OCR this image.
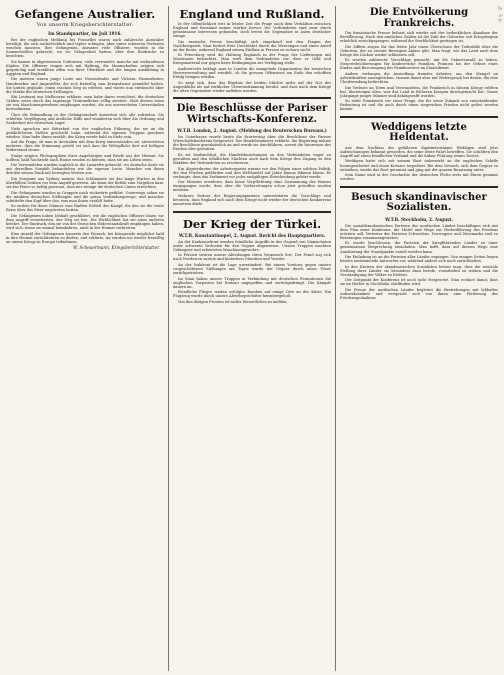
№ 3 p.
Gefangene Australier.
Von unserm Kriegsberichterstatter.
Im Standquartier, im Juli 1916.

Bei der englischen Meldung bei Fromelles waren auch zahlreiche Australier beteiligt, die sich nachdrücklich und tapfer schlugen, aber unter schweren Verlusten weichen mussten. Ihre Gefangenen, darunter viele Offiziere, wurden in die Sammelstellen gebracht, wo sie Gelegenheit hatten, über ihre Eindrücke zu berichten.

Sie kamen in abgerissenen Uniformen, viele verwundet, manche mit verbundenen Köpfen. Die Offiziere trugen sich mit Haltung, die Mannschaften zeigten sich gesprächig und erzählten offen von ihrer Überfahrt und der langen Ausbildung in Ägypten und England.

Die meisten waren junge Leute aus Neusüdwales und Victoria, Farmarbeiter, Handwerker und Angestellte, die sich freiwillig zum Kriegsdienst gemeldet hatten. Sie hatten geglaubt, einen raschen Sieg zu erleben, und waren nun enttäuscht über die Stärke der deutschen Stellungen.

Ein Leutnant aus Melbourne erklärte, man habe ihnen versichert, die deutschen Gräben seien durch das tagelange Trommelfeuer völlig zerstört. Statt dessen seien sie von Maschinengewehren empfangen worden, die aus unversehrten Unterständen hervorkamen.

Über die Behandlung in der Gefangenschaft äusserten sich alle zufrieden. Sie erhielten Verpflegung und ärztliche Hilfe und wunderten sich über die Ordnung und Sauberkeit der deutschen Lager.

Viele sprachen mit Bitterkeit von der englischen Führung, die sie an die gefährlichsten Stellen geschickt habe, während die eigenen Truppen geschont würden. Man habe ihnen erzählt, der Krieg werde bald zu Ende sein.

Auf die Frage, ob man in Australien mit dem Krieg einverstanden sei, antworteten mehrere, dass die Stimmung geteilt sei und dass die Wehrpflicht dort auf heftigen Widerstand stosse.

Einige zeigten Photographien ihrer Angehörigen und Briefe aus der Heimat. Sie hofften, bald Nachricht nach Hause senden zu können, dass sie am Leben seien.

Die Verwundeten wurden sogleich in die Lazarette gebracht, wo deutsche Ärzte sie mit derselben Sorgfalt behandelten wie die eigenen Leute. Mancher von ihnen drückte seinen Dank mit bewegten Worten aus.

Ein Sergeant aus Sydney meinte, das Schlimmste sei das lange Warten in den überfüllten Gräben vor dem Angriff gewesen. Als dann der Befehl zum Vorgehen kam, sei das Feuer so heftig gewesen, dass nur wenige die deutschen Linien erreichten.

Die Gefangenen wurden in Gruppen nach rückwärts geführt. Unterwegs sahen sie die intakten deutschen Stellungen und die guten Verbindungswege, und mancher schüttelte den Kopf über das, was man ihnen erzählt hatte.

So endete für diese Männer vom fünften Erdteil der Kampf, für den sie die weite Reise über das Meer angetreten hatten.

Die Gefangenen haben lebhaft geschildert, wie die englischen Offiziere ihnen vor dem Angriff versicherten, der Weg sei frei. Die Wirklichkeit hat sie eines anderen belehrt. Der Eindruck, den sie von der deutschen Widerstandskraft empfangen haben, wird sich, wenn sie einmal heimkehren, auch in der Heimat verbreiten.

Eine Anzahl der Gefangenen äusserte den Wunsch, bei Kriegsende möglichst bald in ihre Heimat zurückkehren zu dürfen, und erklärte, sie würden nie wieder freiwillig an einem Kriege in Europa teilnehmen.

W. Scheuermann, Kriegsberichterstatter.
England und Rußland.

In der Öffentlichkeit tritt in letzter Zeit die Frage nach dem Verhältnis zwischen England und Russland immer stärker hervor. Die Verbündeten sind zwar durch gemeinsame Interessen gebunden, doch treten die Gegensätze in Asien deutlicher zutage.

Die russische Presse beschäftigt sich eingehend mit den Fragen der Nachkriegszeit. Man fordert freie Durchfahrt durch die Meerengen und einen Anteil an der Beute, während England seinen Einfluss in Persien zu sichern sucht.

In Petersburg wird die Haltung Englands in der Frage der Lieferungen mit Misstrauen betrachtet. Man wirft dem Verbündeten vor, dass er Geld und Kriegsmaterial nur gegen harte Bedingungen zur Verfügung stelle.

Andererseits beklagt man in London die mangelnde Organisation der russischen Heeresverwaltung und zweifelt, ob die grossen Offensiven am Ende den erhofften Erfolg bringen werden.

So zeigt sich, dass das Bündnis der beiden Mächte mehr auf der Not des Augenblicks als auf wirklicher Übereinstimmung beruht, und dass nach dem Kriege die alten Gegensätze wieder aufleben werden.

Die Beschlüsse der Pariser Wirtschafts-Konferenz.
W.T.B. London, 2. August. (Meldung des Reuterschen Bureaus.)

Im Unterhause wurde heute die Erörterung über die Beschlüsse der Pariser Wirtschaftskonferenz fortgesetzt. Der Handelsminister erklärte, die Regierung nehme die Beschlüsse grundsätzlich an und werde sie durchführen, soweit die Interessen des Reiches dies gestatten.

Es sei beabsichtigt, die Handelsbeziehungen zu den Verbündeten enger zu gestalten und den feindlichen Mächten auch nach dem Kriege den Zugang zu den Märkten der Verbündeten zu erschweren.

Ein Abgeordneter der Arbeiterpartei warnte vor den Folgen einer solchen Politik, die den Frieden gefährden und den Welthandel auf Jahre hinaus lähmen könne. Er verlangte, dass das Parlament vor jeder endgültigen Entscheidung gehört werde.

Der Minister erwiderte, dass keine Verpflichtung ohne Zustimmung des Hauses eingegangen werde, dass aber die Vorbereitungen schon jetzt getroffen werden müssten.

Mehrere Redner der Regierungsparteien unterstützten die Vorschläge und betonten, dass England sich nach dem Kriege nicht wieder der deutschen Konkurrenz aussetzen dürfe.

Der Krieg der Türkei.
W.T.B. Konstantinopel, 2. August. Bericht des Hauptquartiers.

An der Kaukasusfront wurden feindliche Angriffe in der Gegend von Mamachatun unter schweren Verlusten für den Gegner abgewiesen. Unsere Truppen machten Gefangene und erbeuteten Maschinengewehre.

In Persien setzten unsere Abteilungen ihren Vormarsch fort. Der Feind zog sich nach Nordosten zurück und hinterliess Munition und Vorräte.

An der Irakfront ist die Lage unverändert. Bei einem Vorstoss gegen unsere vorgeschobenen Stellungen am Tigris wurde der Gegner durch unser Feuer zurückgetrieben.

Im Sinai haben unsere Truppen in Verbindung mit deutschen Formationen die englischen Vorposten bei Romani angegriffen und zurückgedrängt. Die Kämpfe dauern an.

Feindliche Flieger warfen erfolglos Bomben auf einige Orte an der Küste. Ein Flugzeug wurde durch unsere Abwehrgeschütze heruntergeholt.

Von den übrigen Fronten ist nichts Wesentliches zu melden.

Die Entvölkerung Frankreichs.

Die französische Presse befasst sich wieder mit der bedenklichen Abnahme der Bevölkerung. Nach den amtlichen Zahlen ist die Zahl der Geburten seit Kriegsbeginn erheblich zurückgegangen, während die Sterblichkeit gestiegen ist.

Die Ziffern zeigen für das letzte Jahr einen Überschuss der Todesfälle über die Geburten, der zu ernster Besorgnis Anlass gibt. Man fragt, wie das Land nach dem Kriege die Lücken wieder schliessen soll.

Es werden zahlreiche Vorschläge gemacht, um die Geburtenzahl zu heben: Steuererleichterungen für kinderreiche Familien, Prämien bei der Geburt eines Kindes und Bevorzugung der Familienväter im Staatsdienst.

Andere verlangen die Ansiedlung fremder Arbeiter, um den Mangel an Arbeitskräften auszugleichen, stossen damit aber auf Widerspruch bei denen, die eine Überfremdung befürchten.

Die Verluste an Toten und Verwundeten, die Frankreich in diesem Kriege erlitten hat, übersteigen alles, was das Land in früheren Kriegen durchgemacht hat. Ganze Jahrgänge junger Männer sind dahingerafft worden.

So steht Frankreich vor einer Frage, die für seine Zukunft von entscheidender Bedeutung ist und die auch durch einen siegreichen Frieden nicht gelöst werden könnte.

Weddigens letzte Heldentat.

Aus dem Nachlass des gefallenen Kapitänleutnants Weddigen sind jetzt Aufzeichnungen bekannt geworden, die seine letzte Fahrt betreffen. Sie schildern den Angriff auf einen feindlichen Verband und die kühne Führung seines Bootes.

Weddigen hatte sich mit seinem Boot unbemerkt an die englischen Schiffe herangearbeitet und einen Kreuzer torpediert. Bei dem Versuch, sich dem Gegner zu entziehen, wurde das Boot gerammt und ging mit der ganzen Besatzung unter.

Sein Name wird in der Geschichte der deutschen Flotte stets mit Ehren genannt werden.

Besuch skandinavischer Sozialisten.
W.T.B. Stockholm, 2. August.

Die sozialdemokratischen Parteien der nordischen Länder beschäftigen sich mit dem Plan einer Konferenz, die Mittel und Wege zur Herbeiführung des Friedens erörtern soll. Vertreter der Parteien Schwedens, Norwegens und Dänemarks sind zu Beratungen zusammengetreten.

Es wurde beschlossen, die Parteien der kriegführenden Länder zu einer gemeinsamen Besprechung einzuladen. Man hofft, dass auf diesem Wege eine Annäherung der Standpunkte erzielt werden kann.

Die Einladung ist an die Parteien aller Länder ergangen. Von einigen Seiten liegen bereits zustimmende Antworten vor, während andere sich noch zurückhalten.

In den Kreisen der skandinavischen Sozialisten betont man, dass die neutrale Stellung ihrer Länder sie besonders dazu berufe, vermittelnd zu wirken und die Verständigung der Völker zu fördern.

Der Zeitpunkt der Konferenz ist noch nicht festgesetzt. Man rechnet damit, dass sie im Herbst in Stockholm stattfinden wird.

Die Presse der nordischen Länder begleitet die Bestrebungen mit lebhafter Aufmerksamkeit und verspricht sich von ihnen eine Förderung des Friedensgedankens.
